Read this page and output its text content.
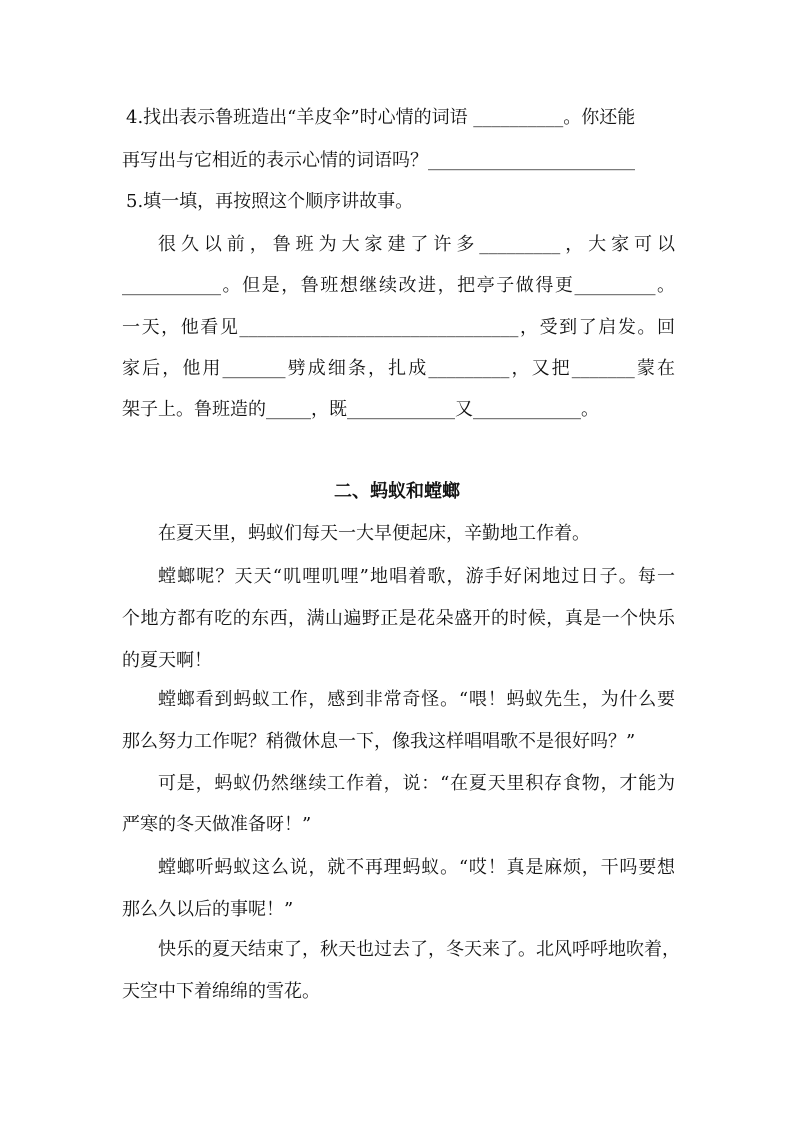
4.找出表示鲁班造出“羊皮伞”时心情的词语 __________。你还能
再写出与它相近的表示心情的词语吗？_______________________
5.填一填，再按照这个顺序讲故事。
很久以前，鲁班为大家建了许多_________，大家可以
___________。但是，鲁班想继续改进，把亭子做得更_________。
一天，他看见_______________________________，受到了启发。回
家后，他用_______劈成细条，扎成_________，又把_______蒙在
架子上。鲁班造的_____，既____________又____________。
二、蚂蚁和螳螂
在夏天里，蚂蚁们每天一大早便起床，辛勤地工作着。
螳螂呢？天天“叽哩叽哩”地唱着歌，游手好闲地过日子。每一
个地方都有吃的东西，满山遍野正是花朵盛开的时候，真是一个快乐
的夏天啊！
螳螂看到蚂蚁工作，感到非常奇怪。“喂！蚂蚁先生，为什么要
那么努力工作呢？稍微休息一下，像我这样唱唱歌不是很好吗？”
可是，蚂蚁仍然继续工作着，说：“在夏天里积存食物，才能为
严寒的冬天做准备呀！”
螳螂听蚂蚁这么说，就不再理蚂蚁。“哎！真是麻烦，干吗要想
那么久以后的事呢！”
快乐的夏天结束了，秋天也过去了，冬天来了。北风呼呼地吹着，
天空中下着绵绵的雪花。
